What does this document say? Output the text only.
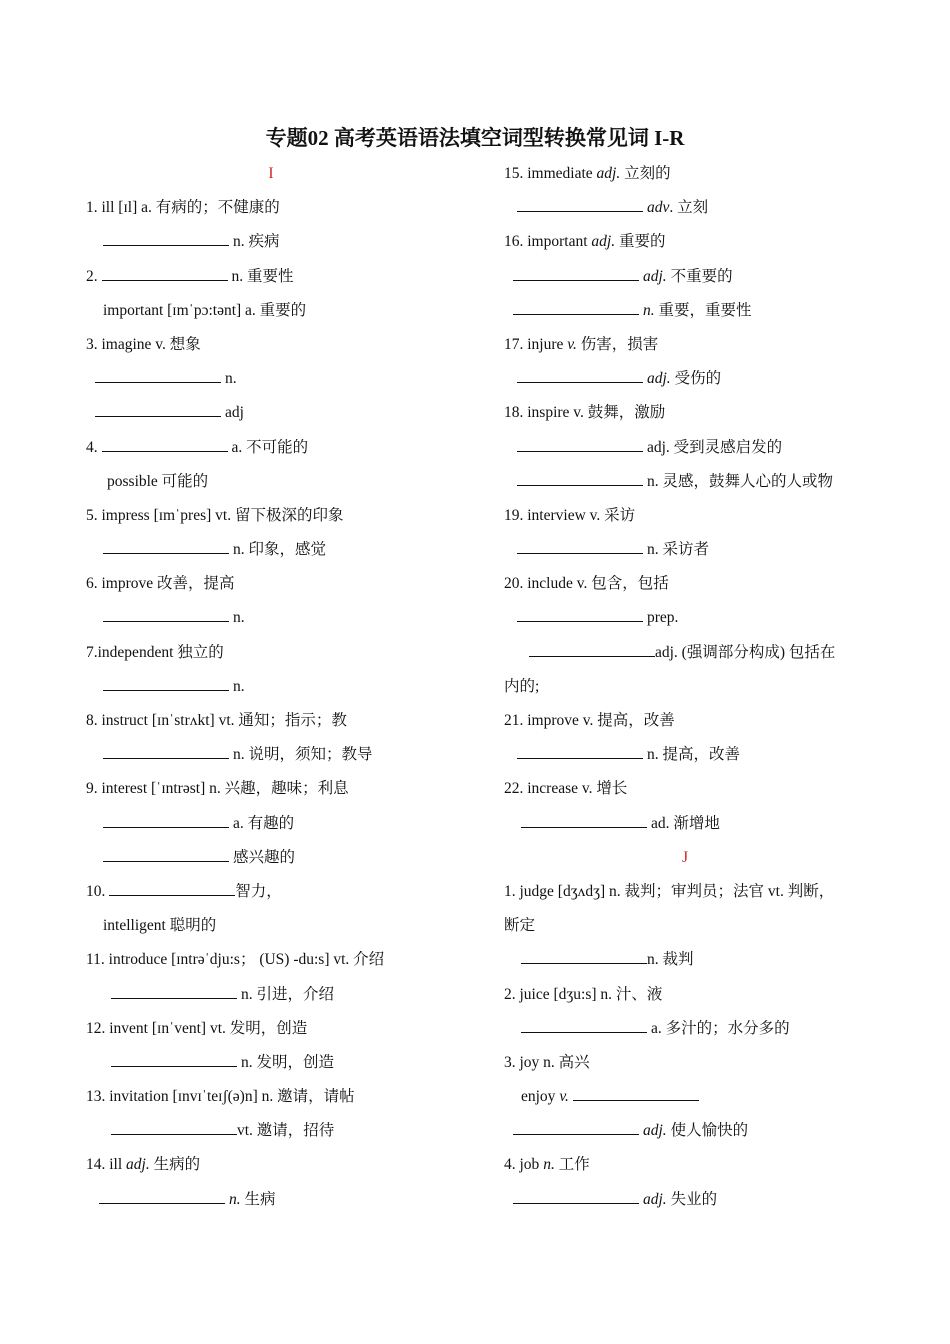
专题02 高考英语语法填空词型转换常见词 I-R
I
1. ill [ɪl] a. 有病的；不健康的
n. 疾病
2.	n. 重要性
important [ɪmˈpɔ:tənt] a. 重要的
3. imagine v. 想象
n.
adj
4.	a. 不可能的
possible 可能的
5. impress [ɪmˈpres] vt. 留下极深的印象
n. 印象，感觉
6. improve 改善，提高
n.
7.independent 独立的
n.
8. instruct [ɪnˈstrʌkt] vt. 通知；指示；教
n. 说明，须知；教导
9. interest [ˈɪntrəst] n. 兴趣，趣味；利息
a. 有趣的
感兴趣的
10.	智力，
intelligent 聪明的
11. introduce [ɪntrəˈdju:s； (US) -du:s] vt. 介绍
n. 引进，介绍
12. invent [ɪnˈvent] vt. 发明，创造
n. 发明，创造
13. invitation [ɪnvɪˈteɪʃ(ə)n] n. 邀请，请帖
vt. 邀请，招待
14. ill adj. 生病的
n. 生病
15. immediate adj. 立刻的
adv. 立刻
16. important adj. 重要的
adj. 不重要的
n. 重要，重要性
17. injure v. 伤害，损害
adj. 受伤的
18. inspire v. 鼓舞，激励
adj. 受到灵感启发的
n. 灵感，鼓舞人心的人或物
19. interview v. 采访
n. 采访者
20. include v. 包含，包括
prep.
adj. (强调部分构成) 包括在
内的;
21. improve v. 提高，改善
n. 提高，改善
22. increase v. 增长
ad. 渐增地
J
1. judge [dʒʌdʒ] n. 裁判；审判员；法官 vt. 判断，
断定
n. 裁判
2. juice [dʒu:s] n. 汁、液
a. 多汁的；水分多的
3. joy n. 高兴
enjoy v.
adj. 使人愉快的
4. job n. 工作
adj. 失业的
